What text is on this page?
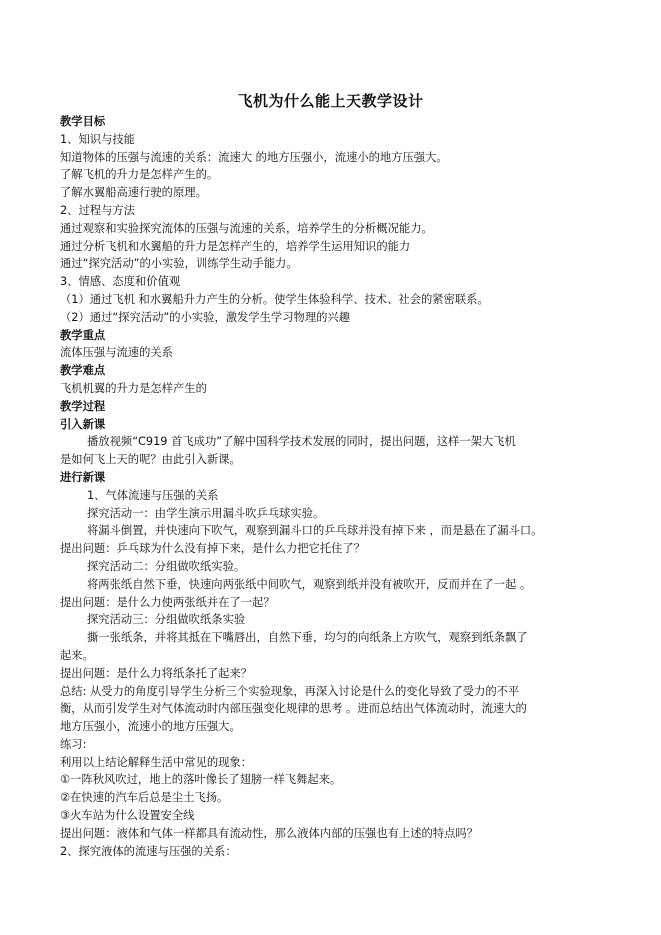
飞机为什么能上天教学设计
教学目标
1、知识与技能
知道物体的压强与流速的关系：流速大 的地方压强小，流速小的地方压强大。
了解飞机的升力是怎样产生的。
了解水翼船高速行驶的原理。
2、过程与方法
通过观察和实验探究流体的压强与流速的关系，培养学生的分析概况能力。
通过分析飞机和水翼船的升力是怎样产生的，培养学生运用知识的能力
通过“探究活动”的小实验，训练学生动手能力。
3、情感、态度和价值观
（1）通过飞机 和水翼船升力产生的分析。使学生体验科学、技术、社会的紧密联系。
（2）通过“探究活动”的小实验，激发学生学习物理的兴趣
教学重点
流体压强与流速的关系
教学难点
飞机机翼的升力是怎样产生的
教学过程
引入新课
播放视频“C919 首飞成功”了解中国科学技术发展的同时，提出问题，这样一架大飞机
是如何飞上天的呢？由此引入新课。
进行新课
1、气体流速与压强的关系
探究活动一：由学生演示用漏斗吹乒乓球实验。
将漏斗倒置，并快速向下吹气，观察到漏斗口的乒乓球并没有掉下来 ，而是悬在了漏斗口。
提出问题：乒乓球为什么没有掉下来，是什么力把它托住了？
探究活动二：分组做吹纸实验。
将两张纸自然下垂，快速向两张纸中间吹气，观察到纸并没有被吹开，反而并在了一起 。
提出问题：是什么力使两张纸并在了一起？
探究活动三：分组做吹纸条实验
撕一张纸条，并将其抵在下嘴唇出，自然下垂，均匀的向纸条上方吹气，观察到纸条飘了
起来。
提出问题：是什么力将纸条托了起来？
总结: 从受力的角度引导学生分析三个实验现象，再深入讨论是什么的变化导致了受力的不平
衡，从而引发学生对气体流动时内部压强变化规律的思考 。进而总结出气体流动时，流速大的
地方压强小，流速小的地方压强大。
练习:
利用以上结论解释生活中常见的现象：
①一阵秋风吹过，地上的落叶像长了翅膀一样飞舞起来。
②在快速的汽车后总是尘土飞扬。
③火车站为什么设置安全线
提出问题：液体和气体一样都具有流动性，那么液体内部的压强也有上述的特点吗？
2、探究液体的流速与压强的关系：
